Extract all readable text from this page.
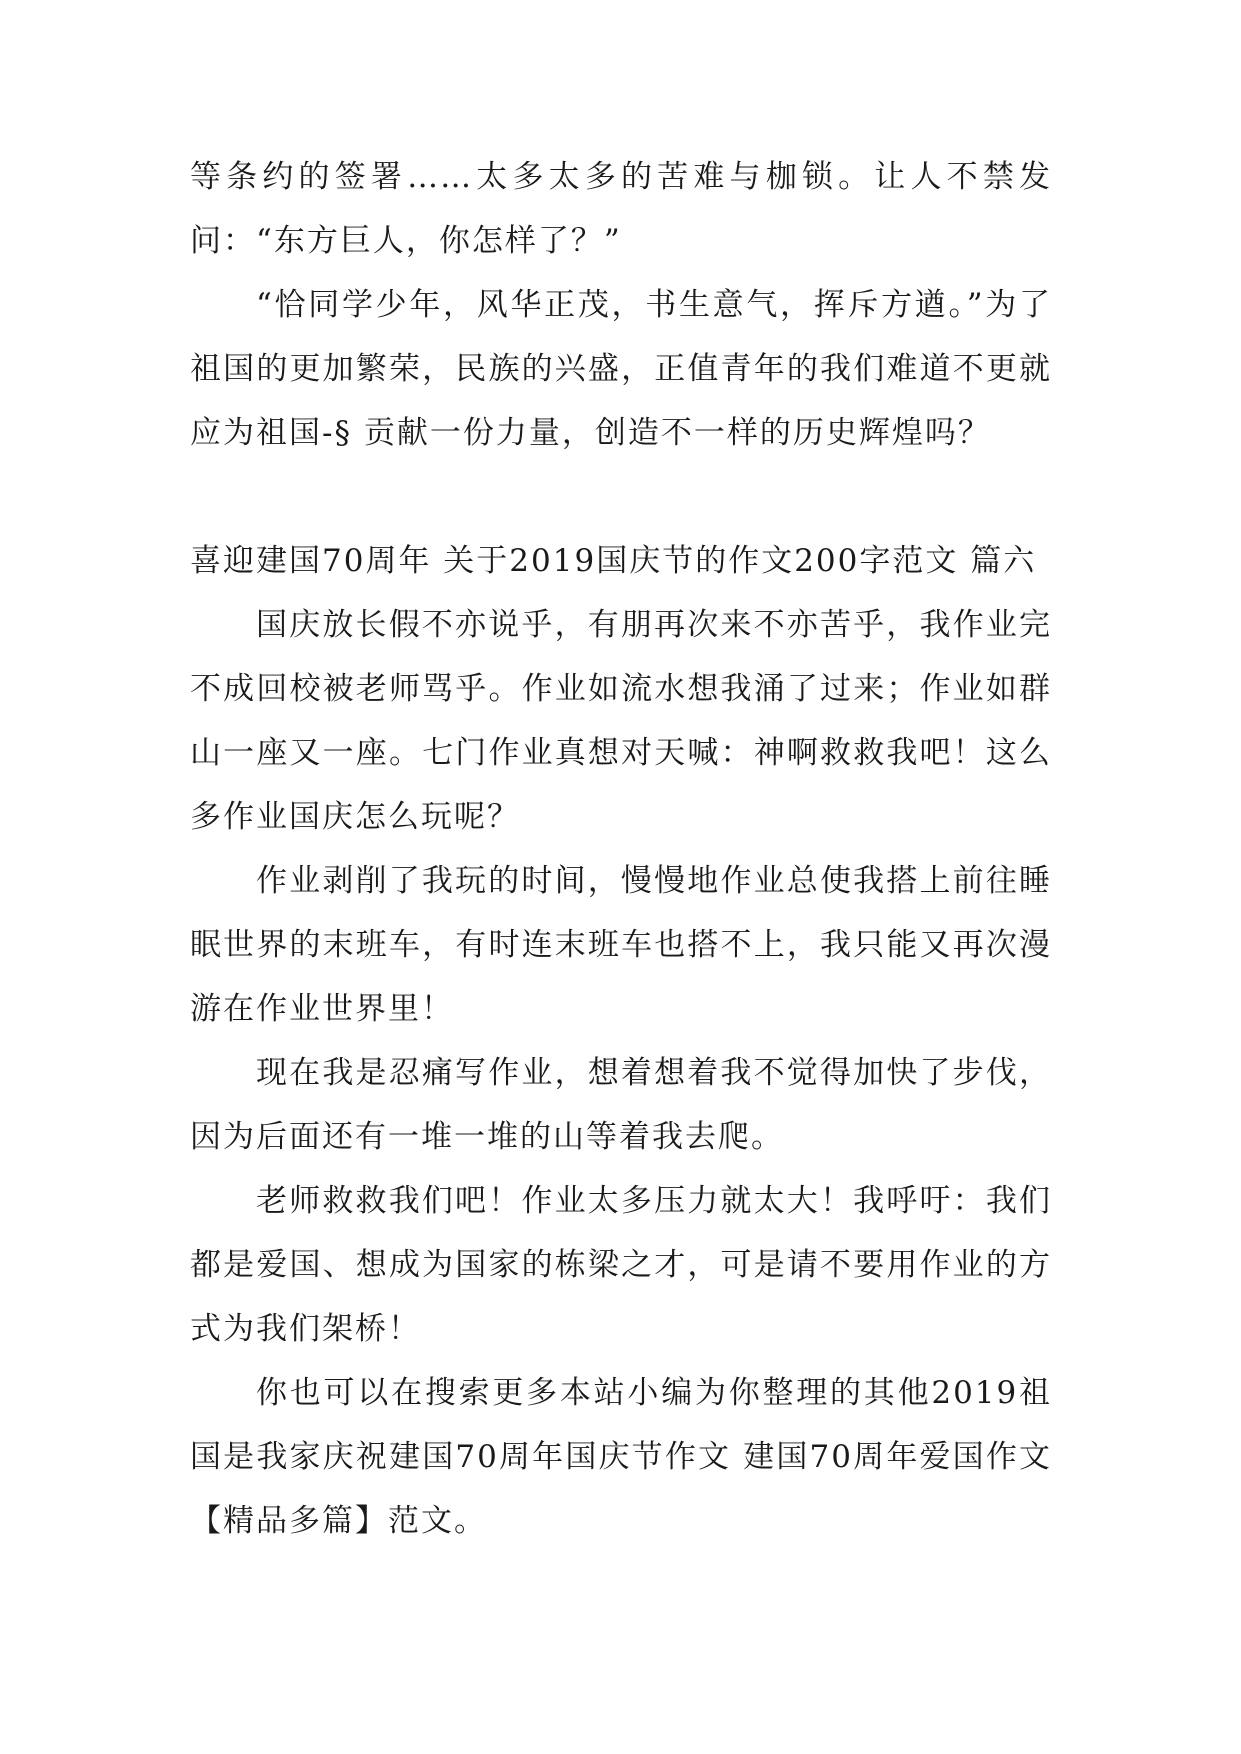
等条约的签署……太多太多的苦难与枷锁。让人不禁发问：“东方巨人，你怎样了？”

“恰同学少年，风华正茂，书生意气，挥斥方遒。”为了祖国的更加繁荣，民族的兴盛，正值青年的我们难道不更就应为祖国-§ 贡献一份力量，创造不一样的历史辉煌吗？

喜迎建国70周年 关于2019国庆节的作文200字范文 篇六

国庆放长假不亦说乎，有朋再次来不亦苦乎，我作业完不成回校被老师骂乎。作业如流水想我涌了过来；作业如群山一座又一座。七门作业真想对天喊：神啊救救我吧！这么多作业国庆怎么玩呢？

作业剥削了我玩的时间，慢慢地作业总使我搭上前往睡眠世界的末班车，有时连末班车也搭不上，我只能又再次漫游在作业世界里！

现在我是忍痛写作业，想着想着我不觉得加快了步伐，因为后面还有一堆一堆的山等着我去爬。

老师救救我们吧！作业太多压力就太大！我呼吁：我们都是爱国、想成为国家的栋梁之才，可是请不要用作业的方式为我们架桥！

你也可以在搜索更多本站小编为你整理的其他2019祖国是我家庆祝建国70周年国庆节作文 建国70周年爱国作文【精品多篇】范文。
